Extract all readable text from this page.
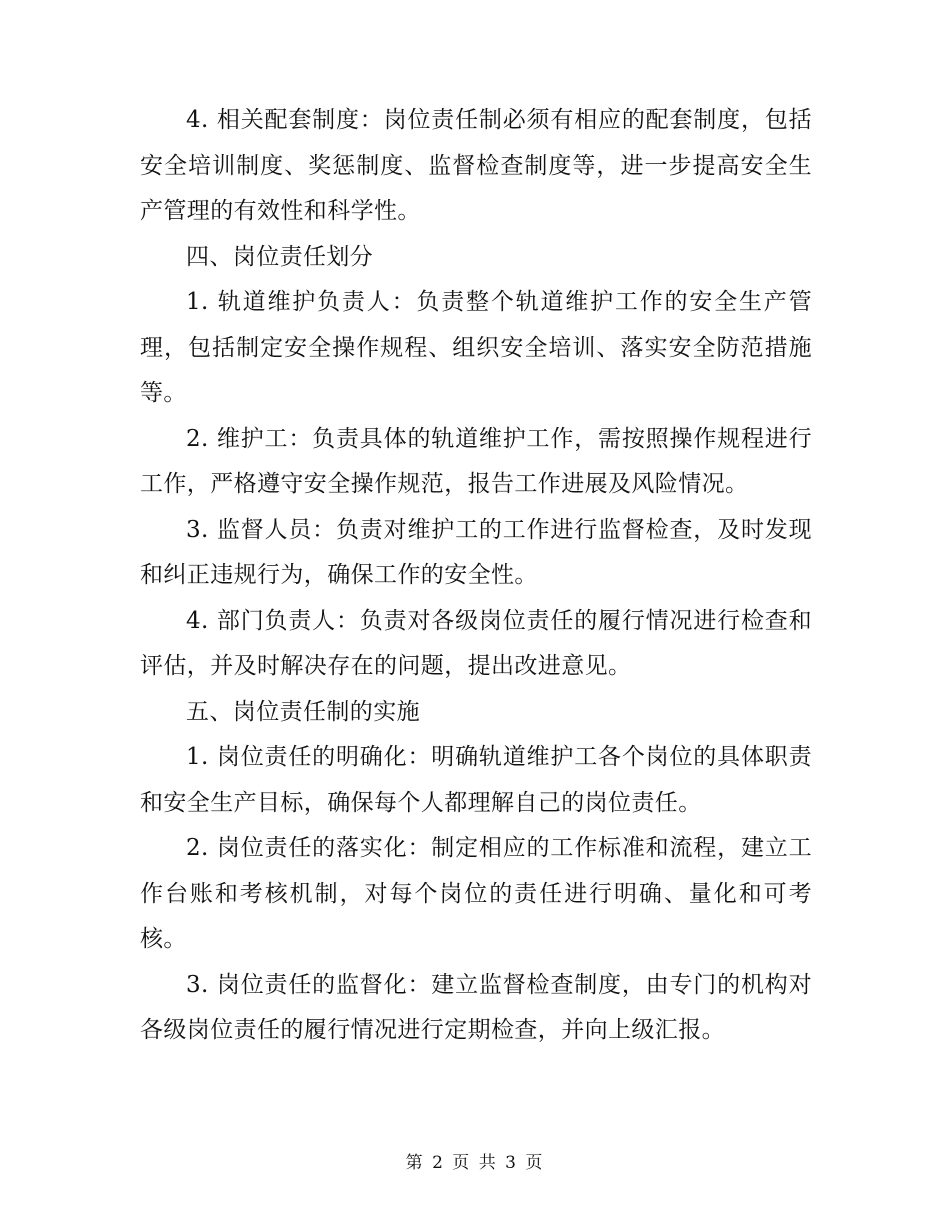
4. 相关配套制度：岗位责任制必须有相应的配套制度，包括安全培训制度、奖惩制度、监督检查制度等，进一步提高安全生产管理的有效性和科学性。

四、岗位责任划分

1. 轨道维护负责人：负责整个轨道维护工作的安全生产管理，包括制定安全操作规程、组织安全培训、落实安全防范措施等。

2. 维护工：负责具体的轨道维护工作，需按照操作规程进行工作，严格遵守安全操作规范，报告工作进展及风险情况。

3. 监督人员：负责对维护工的工作进行监督检查，及时发现和纠正违规行为，确保工作的安全性。

4. 部门负责人：负责对各级岗位责任的履行情况进行检查和评估，并及时解决存在的问题，提出改进意见。

五、岗位责任制的实施

1. 岗位责任的明确化：明确轨道维护工各个岗位的具体职责和安全生产目标，确保每个人都理解自己的岗位责任。

2. 岗位责任的落实化：制定相应的工作标准和流程，建立工作台账和考核机制，对每个岗位的责任进行明确、量化和可考核。

3. 岗位责任的监督化：建立监督检查制度，由专门的机构对各级岗位责任的履行情况进行定期检查，并向上级汇报。

第 2 页 共 3 页
